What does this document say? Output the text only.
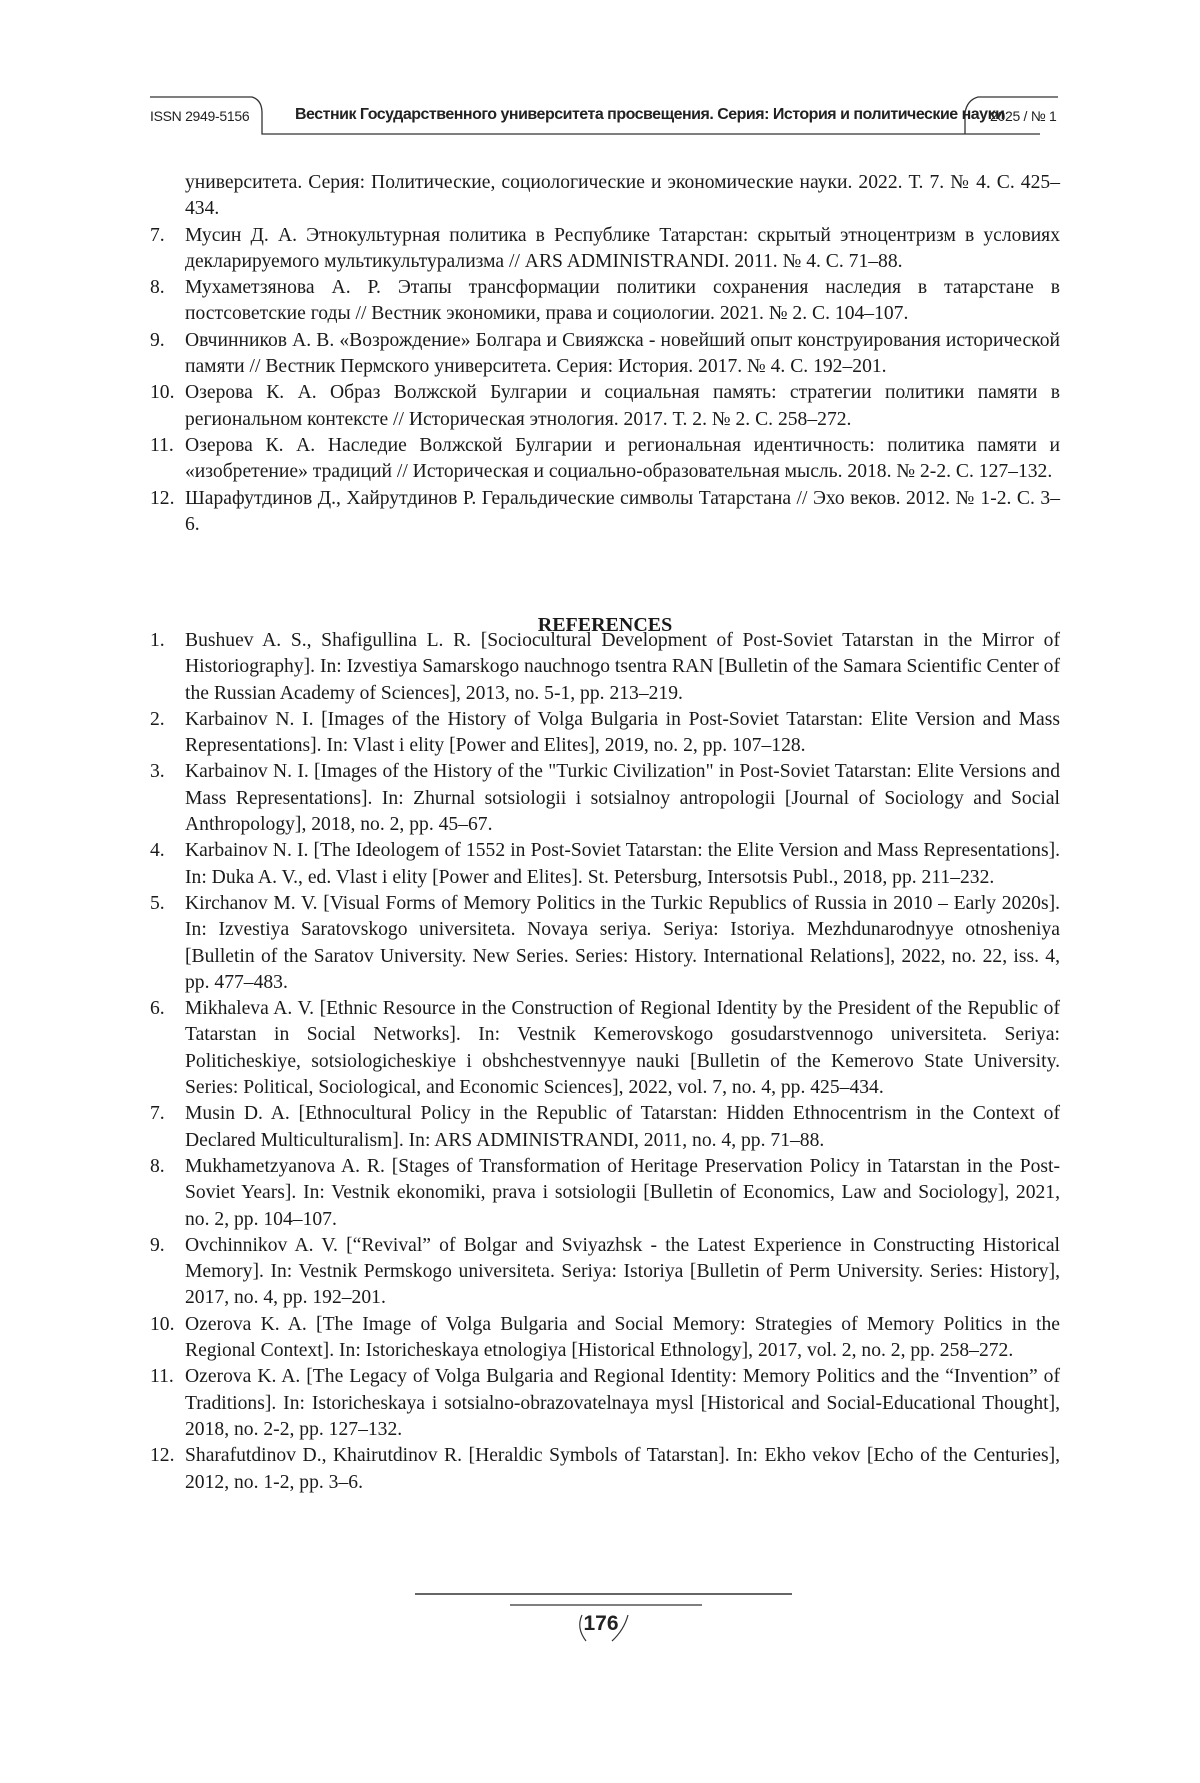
ISSN 2949-5156	Вестник Государственного университета просвещения. Серия: История и политические науки
2025 / № 1
университета. Серия: Политические, социологические и экономические науки. 2022. Т. 7. № 4. С. 425–434.
7. Мусин Д. А. Этнокультурная политика в Республике Татарстан: скрытый этноцентризм в условиях декларируемого мультикультурализма // ARS ADMINISTRANDI. 2011. № 4. С. 71–88.
8. Мухаметзянова А. Р. Этапы трансформации политики сохранения наследия в татарстане в постсоветские годы // Вестник экономики, права и социологии. 2021. № 2. С. 104–107.
9. Овчинников А. В. «Возрождение» Болгара и Свияжска - новейший опыт конструирования исторической памяти // Вестник Пермского университета. Серия: История. 2017. № 4. С. 192–201.
10. Озерова К. А. Образ Волжской Булгарии и социальная память: стратегии политики памяти в региональном контексте // Историческая этнология. 2017. Т. 2. № 2. С. 258–272.
11. Озерова К. А. Наследие Волжской Булгарии и региональная идентичность: политика памяти и «изобретение» традиций // Историческая и социально-образовательная мысль. 2018. № 2-2. С. 127–132.
12. Шарафутдинов Д., Хайрутдинов Р. Геральдические символы Татарстана // Эхо веков. 2012. № 1-2. С. 3–6.
REFERENCES
1. Bushuev A. S., Shafigullina L. R. [Sociocultural Development of Post-Soviet Tatarstan in the Mirror of Historiography]. In: Izvestiya Samarskogo nauchnogo tsentra RAN [Bulletin of the Samara Scientific Center of the Russian Academy of Sciences], 2013, no. 5-1, pp. 213–219.
2. Karbainov N. I. [Images of the History of Volga Bulgaria in Post-Soviet Tatarstan: Elite Version and Mass Representations]. In: Vlast i elity [Power and Elites], 2019, no. 2, pp. 107–128.
3. Karbainov N. I. [Images of the History of the "Turkic Civilization" in Post-Soviet Tatarstan: Elite Versions and Mass Representations]. In: Zhurnal sotsiologii i sotsialnoy antropologii [Journal of Sociology and Social Anthropology], 2018, no. 2, pp. 45–67.
4. Karbainov N. I. [The Ideologem of 1552 in Post-Soviet Tatarstan: the Elite Version and Mass Representations]. In: Duka A. V., ed. Vlast i elity [Power and Elites]. St. Petersburg, Intersotsis Publ., 2018, pp. 211–232.
5. Kirchanov M. V. [Visual Forms of Memory Politics in the Turkic Republics of Russia in 2010 – Early 2020s]. In: Izvestiya Saratovskogo universiteta. Novaya seriya. Seriya: Istoriya. Mezhdunarodnyye otnosheniya [Bulletin of the Saratov University. New Series. Series: History. International Relations], 2022, no. 22, iss. 4, pp. 477–483.
6. Mikhaleva A. V. [Ethnic Resource in the Construction of Regional Identity by the President of the Republic of Tatarstan in Social Networks]. In: Vestnik Kemerovskogo gosudarstvennogo universiteta. Seriya: Politicheskiye, sotsiologicheskiye i obshchestvennyye nauki [Bulletin of the Kemerovo State University. Series: Political, Sociological, and Economic Sciences], 2022, vol. 7, no. 4, pp. 425–434.
7. Musin D. A. [Ethnocultural Policy in the Republic of Tatarstan: Hidden Ethnocentrism in the Context of Declared Multiculturalism]. In: ARS ADMINISTRANDI, 2011, no. 4, pp. 71–88.
8. Mukhametzyanova A. R. [Stages of Transformation of Heritage Preservation Policy in Tatarstan in the Post-Soviet Years]. In: Vestnik ekonomiki, prava i sotsiologii [Bulletin of Economics, Law and Sociology], 2021, no. 2, pp. 104–107.
9. Ovchinnikov A. V. [“Revival” of Bolgar and Sviyazhsk - the Latest Experience in Constructing Historical Memory]. In: Vestnik Permskogo universiteta. Seriya: Istoriya [Bulletin of Perm University. Series: History], 2017, no. 4, pp. 192–201.
10. Ozerova K. A. [The Image of Volga Bulgaria and Social Memory: Strategies of Memory Politics in the Regional Context]. In: Istoricheskaya etnologiya [Historical Ethnology], 2017, vol. 2, no. 2, pp. 258–272.
11. Ozerova K. A. [The Legacy of Volga Bulgaria and Regional Identity: Memory Politics and the “Invention” of Traditions]. In: Istoricheskaya i sotsialno-obrazovatelnaya mysl [Historical and Social-Educational Thought], 2018, no. 2-2, pp. 127–132.
12. Sharafutdinov D., Khairutdinov R. [Heraldic Symbols of Tatarstan]. In: Ekho vekov [Echo of the Centuries], 2012, no. 1-2, pp. 3–6.
176
